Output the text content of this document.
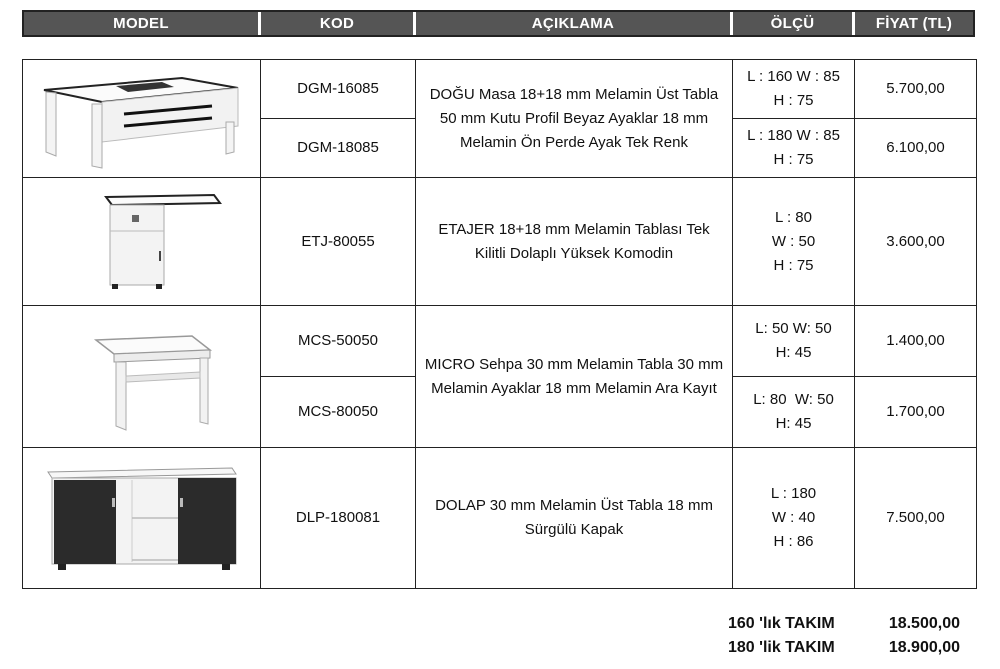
MODEL	KOD	AÇIKLAMA	ÖLÇÜ	FİYAT (TL)
	DGM-16085	DOĞU Masa 18+18 mm Melamin Üst Tabla 50 mm Kutu Profil Beyaz Ayaklar 18 mm Melamin Ön Perde Ayak Tek Renk	L : 160 W : 85
H : 75	5.700,00
	DGM-18085		L : 180 W : 85
H : 75	6.100,00

	ETJ-80055	ETAJER 18+18 mm Melamin Tablası Tek Kilitli Dolaplı Yüksek Komodin	L : 80
W : 50
H : 75	3.600,00

	MCS-50050	MICRO Sehpa 30 mm Melamin Tabla 30 mm Melamin Ayaklar 18 mm Melamin Ara Kayıt	L: 50 W: 50
H: 45	1.400,00
	MCS-80050		L: 80  W: 50
H: 45	1.700,00

	DLP-180081	DOLAP 30 mm Melamin Üst Tabla 18 mm Sürgülü Kapak	L : 180
W : 40
H : 86	7.500,00
160 'lık TAKIM	18.500,00
180 'lik TAKIM	18.900,00
